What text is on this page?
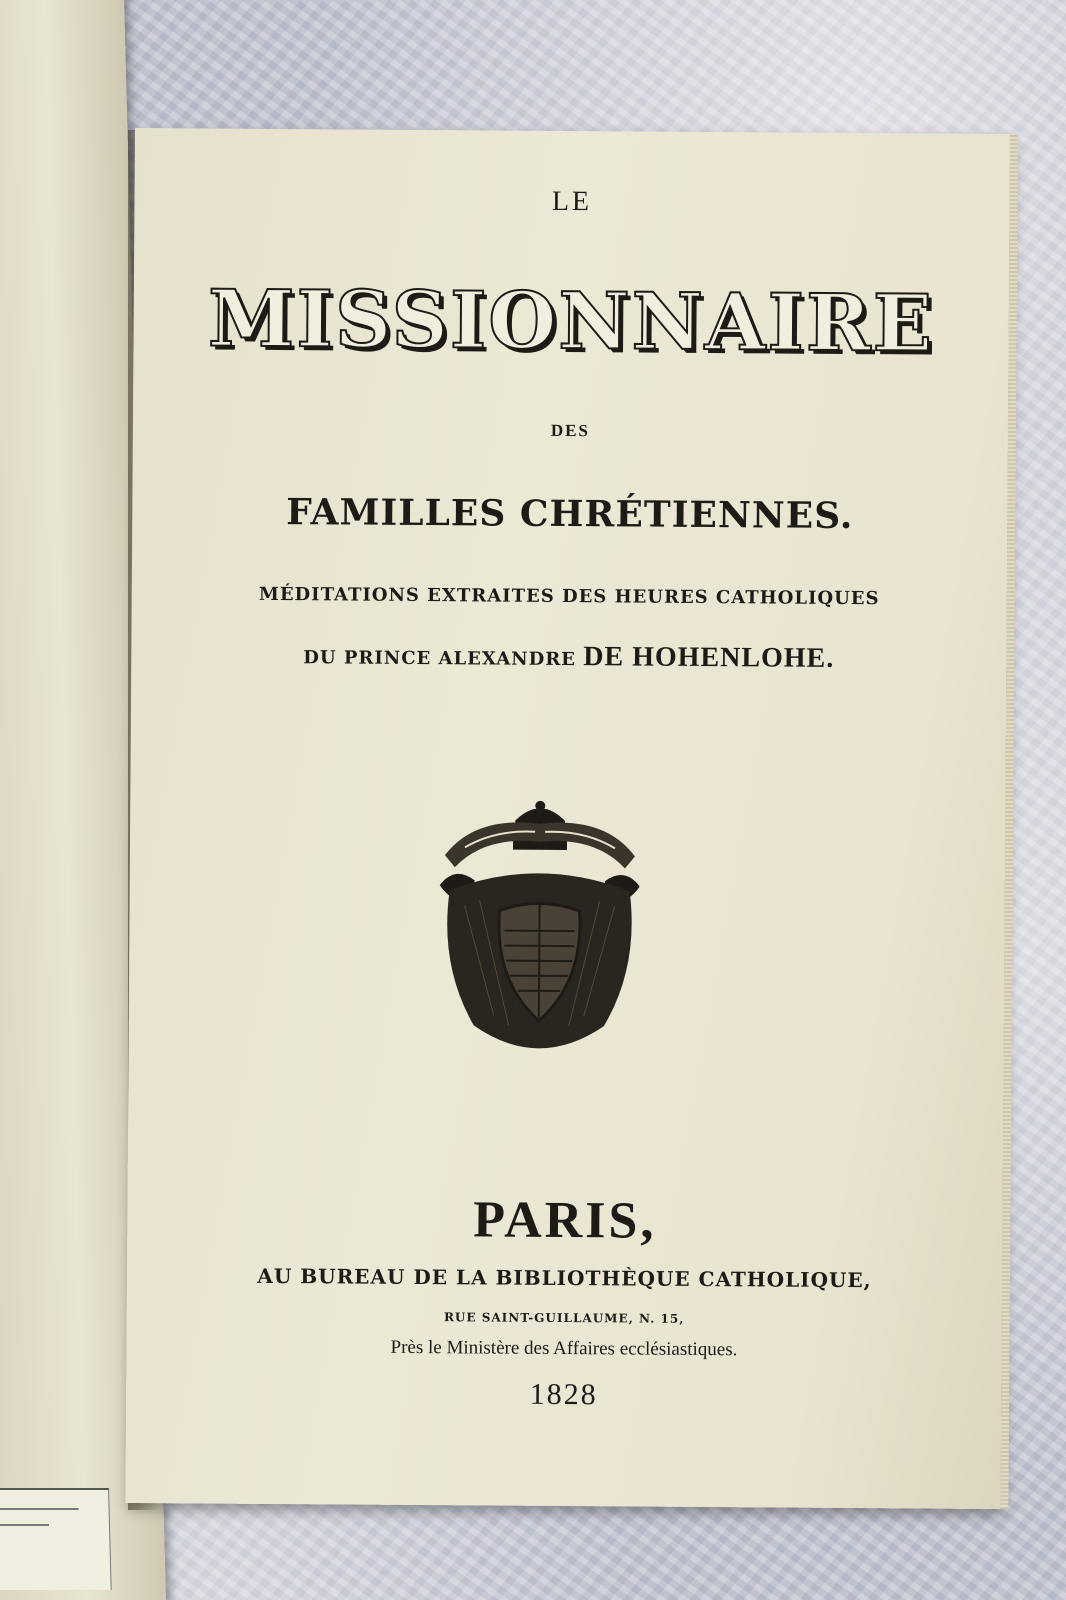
LE
MISSIONNAIRE
DES
FAMILLES CHRÉTIENNES.
MÉDITATIONS EXTRAITES DES HEURES CATHOLIQUES
DU PRINCE ALEXANDRE DE HOHENLOHE.
PARIS,
AU BUREAU DE LA BIBLIOTHÈQUE CATHOLIQUE,
RUE SAINT-GUILLAUME, N. 15,
Près le Ministère des Affaires ecclésiastiques.
1828
